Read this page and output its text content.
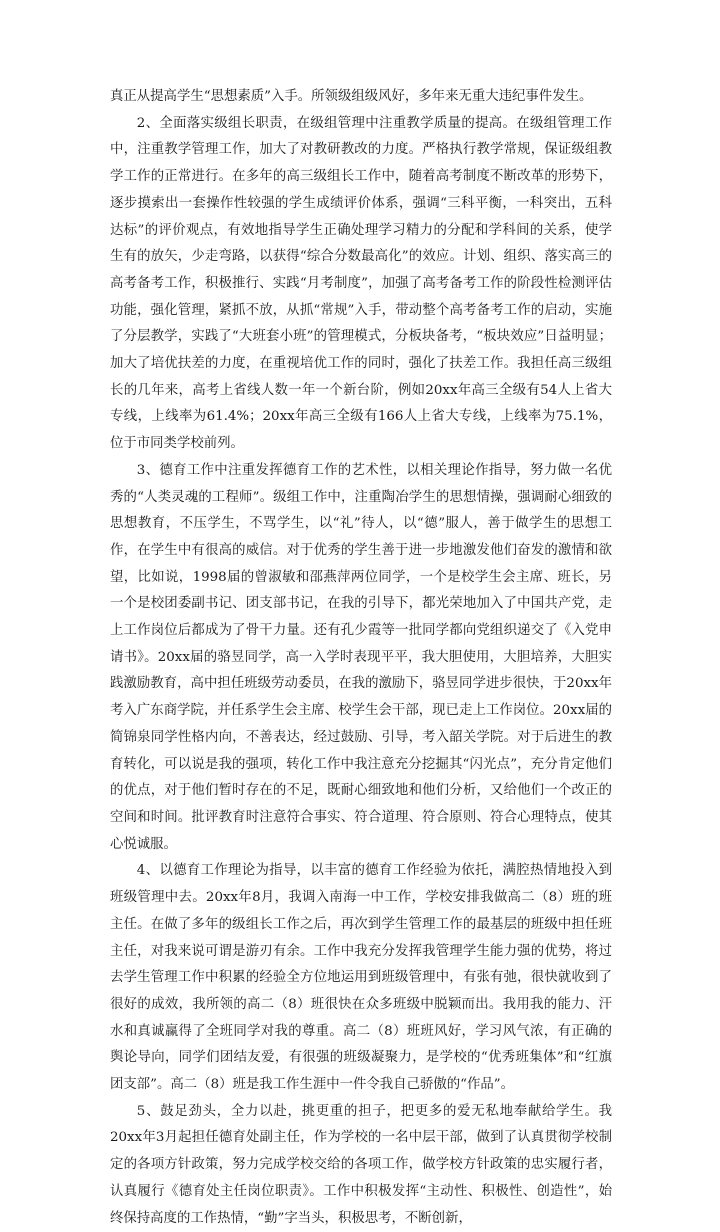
真正从提高学生“思想素质”入手。所领级组级风好，多年来无重大违纪事件发生。

2、全面落实级组长职责，在级组管理中注重教学质量的提高。在级组管理工作中，注重教学管理工作，加大了对教研教改的力度。严格执行教学常规，保证级组教学工作的正常进行。在多年的高三级组长工作中，随着高考制度不断改革的形势下，逐步摸索出一套操作性较强的学生成绩评价体系，强调“三科平衡，一科突出，五科达标”的评价观点，有效地指导学生正确处理学习精力的分配和学科间的关系，使学生有的放矢，少走弯路，以获得“综合分数最高化”的效应。计划、组织、落实高三的高考备考工作，积极推行、实践“月考制度”，加强了高考备考工作的阶段性检测评估功能，强化管理，紧抓不放，从抓“常规”入手，带动整个高考备考工作的启动，实施了分层教学，实践了“大班套小班”的管理模式，分板块备考，“板块效应”日益明显；加大了培优扶差的力度，在重视培优工作的同时，强化了扶差工作。我担任高三级组长的几年来，高考上省线人数一年一个新台阶，例如20xx年高三全级有54人上省大专线，上线率为61.4%；20xx年高三全级有166人上省大专线，上线率为75.1%，位于市同类学校前列。

3、德育工作中注重发挥德育工作的艺术性，以相关理论作指导，努力做一名优秀的“人类灵魂的工程师”。级组工作中，注重陶冶学生的思想情操，强调耐心细致的思想教育，不压学生，不骂学生，以“礼”待人，以“德”服人，善于做学生的思想工作，在学生中有很高的威信。对于优秀的学生善于进一步地激发他们奋发的激情和欲望，比如说，1998届的曾淑敏和邵燕萍两位同学，一个是校学生会主席、班长，另一个是校团委副书记、团支部书记，在我的引导下，都光荣地加入了中国共产党，走上工作岗位后都成为了骨干力量。还有孔少霞等一批同学都向党组织递交了《入党申请书》。20xx届的骆昱同学，高一入学时表现平平，我大胆使用，大胆培养，大胆实践激励教育，高中担任班级劳动委员，在我的激励下，骆昱同学进步很快，于20xx年考入广东商学院，并任系学生会主席、校学生会干部，现已走上工作岗位。20xx届的简锦泉同学性格内向，不善表达，经过鼓励、引导，考入韶关学院。对于后进生的教育转化，可以说是我的强项，转化工作中我注意充分挖掘其“闪光点”，充分肯定他们的优点，对于他们暂时存在的不足，既耐心细致地和他们分析，又给他们一个改正的空间和时间。批评教育时注意符合事实、符合道理、符合原则、符合心理特点，使其心悦诚服。

4、以德育工作理论为指导，以丰富的德育工作经验为依托，满腔热情地投入到班级管理中去。20xx年8月，我调入南海一中工作，学校安排我做高二（8）班的班主任。在做了多年的级组长工作之后，再次到学生管理工作的最基层的班级中担任班主任，对我来说可谓是游刃有余。工作中我充分发挥我管理学生能力强的优势，将过去学生管理工作中积累的经验全方位地运用到班级管理中，有张有弛，很快就收到了很好的成效，我所领的高二（8）班很快在众多班级中脱颖而出。我用我的能力、汗水和真诚赢得了全班同学对我的尊重。高二（8）班班风好，学习风气浓，有正确的舆论导向，同学们团结友爱，有很强的班级凝聚力，是学校的“优秀班集体”和“红旗团支部”。高二（8）班是我工作生涯中一件令我自己骄傲的“作品”。

5、鼓足劲头，全力以赴，挑更重的担子，把更多的爱无私地奉献给学生。我20xx年3月起担任德育处副主任，作为学校的一名中层干部，做到了认真贯彻学校制定的各项方针政策，努力完成学校交给的各项工作，做学校方针政策的忠实履行者，认真履行《德育处主任岗位职责》。工作中积极发挥“主动性、积极性、创造性”，始终保持高度的工作热情，“勤”字当头，积极思考，不断创新，
